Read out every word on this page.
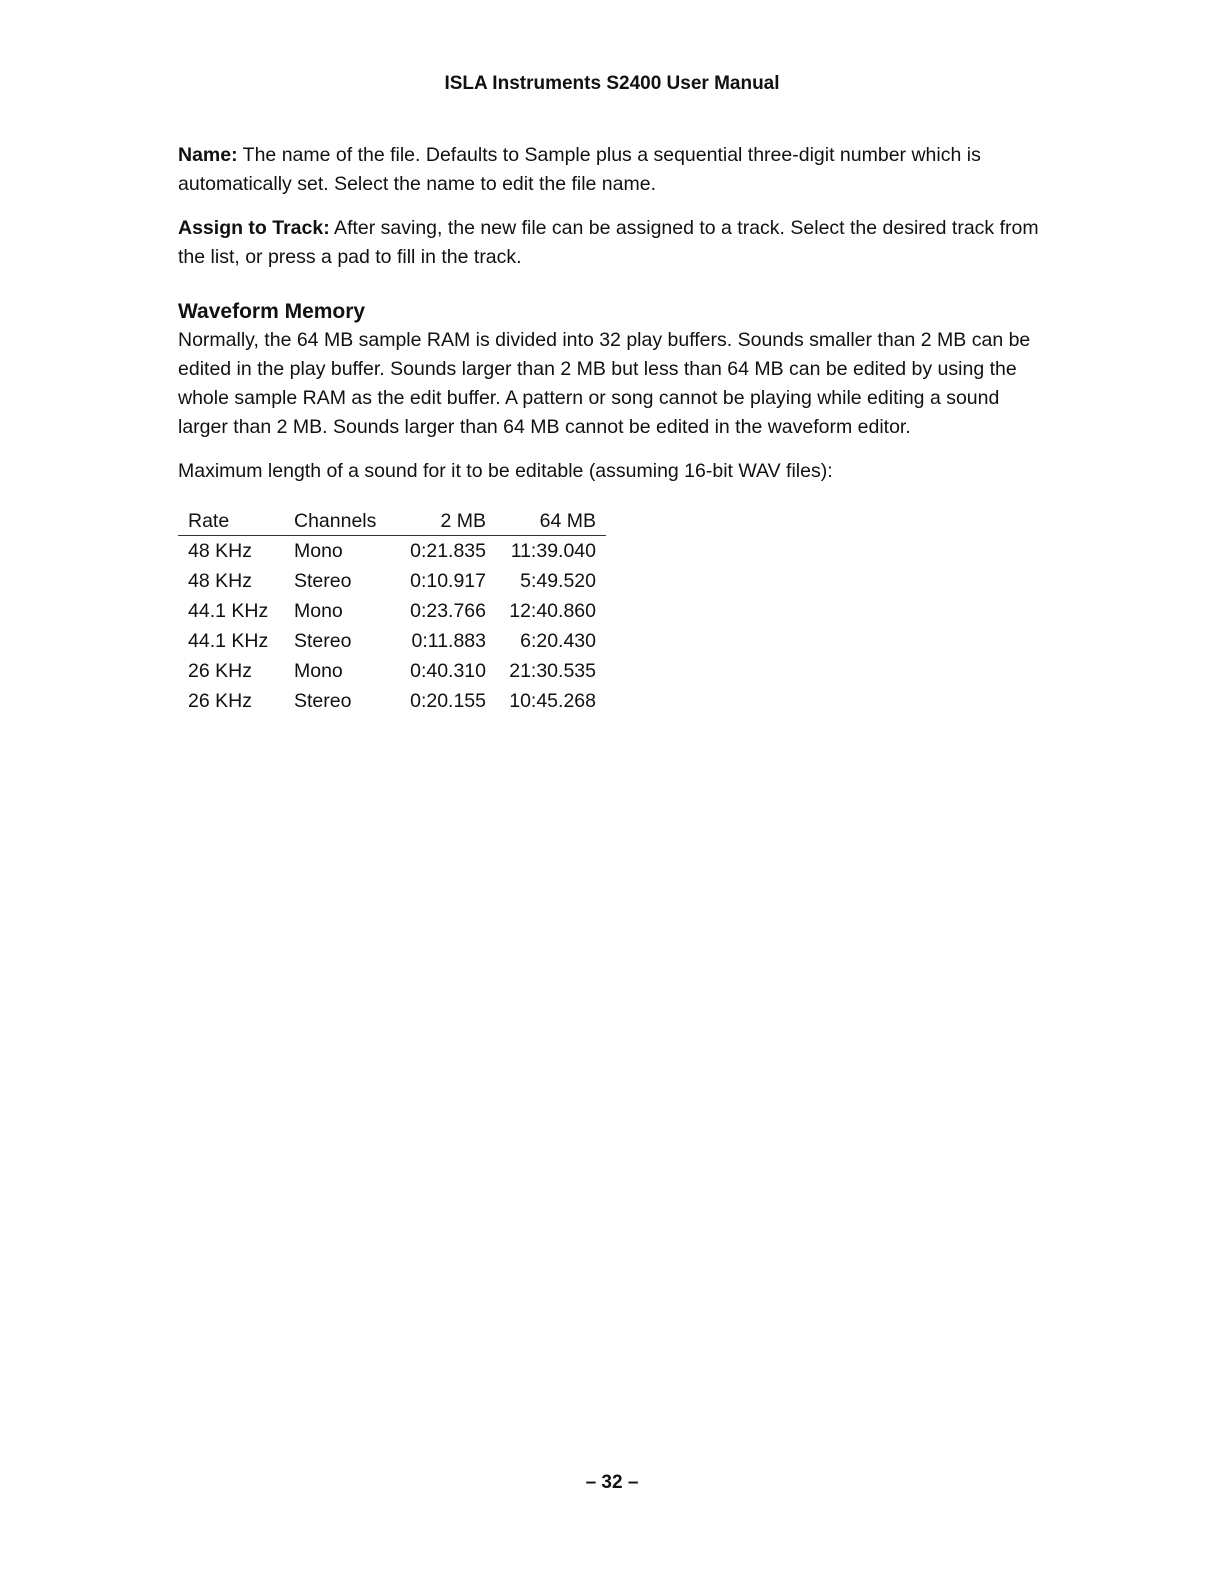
ISLA Instruments S2400 User Manual

Name: The name of the file. Defaults to Sample plus a sequential three-digit number which is automatically set. Select the name to edit the file name.

Assign to Track: After saving, the new file can be assigned to a track. Select the desired track from the list, or press a pad to fill in the track.

Waveform Memory

Normally, the 64 MB sample RAM is divided into 32 play buffers. Sounds smaller than 2 MB can be edited in the play buffer. Sounds larger than 2 MB but less than 64 MB can be edited by using the whole sample RAM as the edit buffer. A pattern or song cannot be playing while editing a sound larger than 2 MB. Sounds larger than 64 MB cannot be edited in the waveform editor.

Maximum length of a sound for it to be editable (assuming 16-bit WAV files):

Rate	Channels	2 MB	64 MB
48 KHz	Mono	0:21.835	11:39.040
48 KHz	Stereo	0:10.917	5:49.520
44.1 KHz	Mono	0:23.766	12:40.860
44.1 KHz	Stereo	0:11.883	6:20.430
26 KHz	Mono	0:40.310	21:30.535
26 KHz	Stereo	0:20.155	10:45.268
– 32 –
